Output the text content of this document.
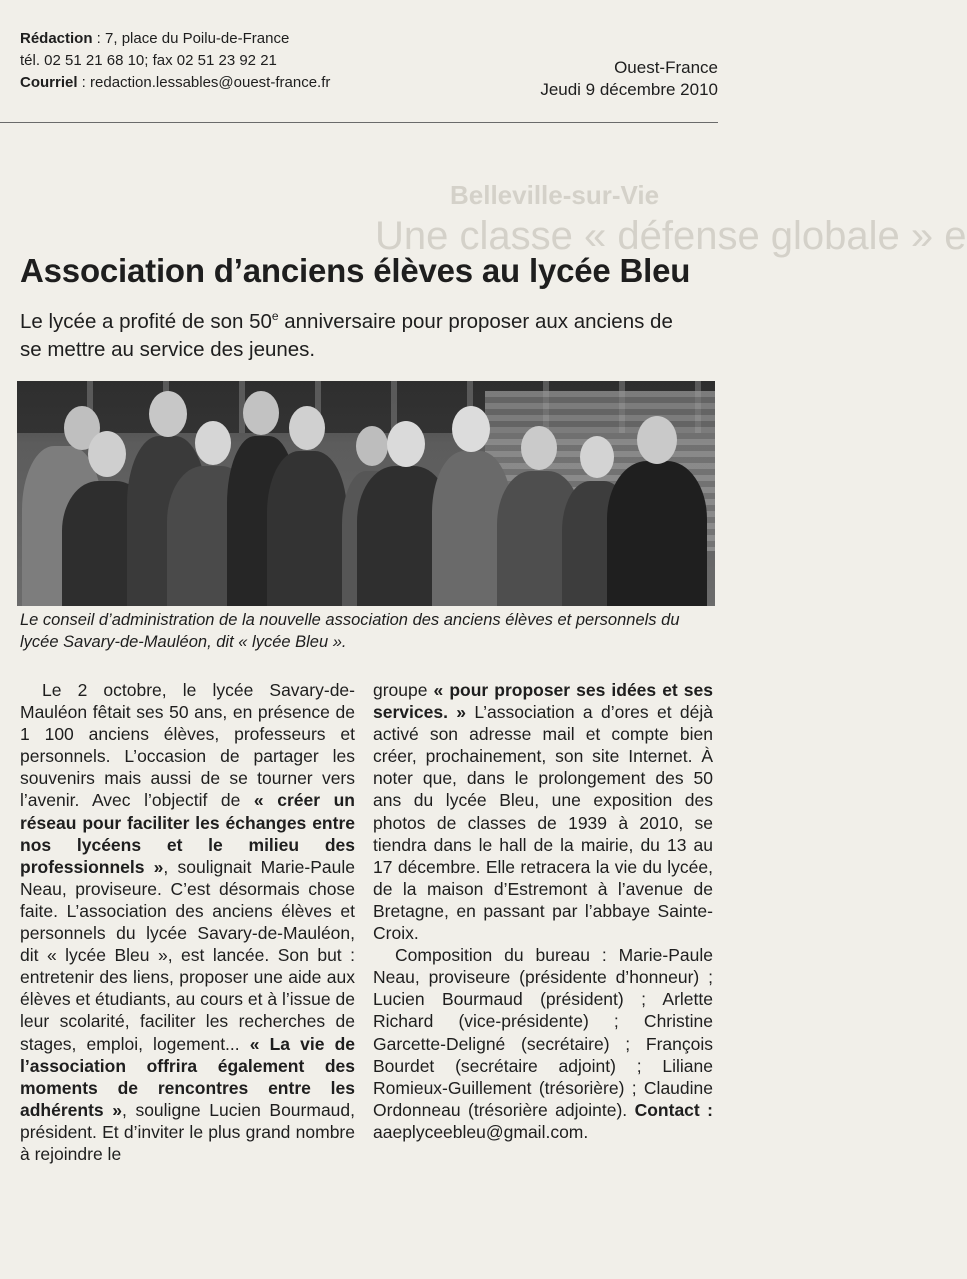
Belleville-sur-Vie
Une classe « défense globale » e
Rédaction : 7, place du Poilu-de-France
tél. 02 51 21 68 10; fax 02 51 23 92 21
Courriel : redaction.lessables@ouest-france.fr
Ouest-France
Jeudi 9 décembre 2010
Association d’anciens élèves au lycée Bleu

Le lycée a profité de son 50e anniversaire pour proposer aux anciens de se mettre au service des jeunes.

Le conseil d’administration de la nouvelle association des anciens élèves et personnels du lycée Savary-de-Mauléon, dit « lycée Bleu ».

Le 2 octobre, le lycée Savary-de-Mauléon fêtait ses 50 ans, en présence de 1 100 anciens élèves, professeurs et personnels. L’occasion de partager les souvenirs mais aussi de se tourner vers l’avenir. Avec l’objectif de « créer un réseau pour faciliter les échanges entre nos lycéens et le milieu des professionnels », soulignait Marie-Paule Neau, proviseure. C’est désormais chose faite. L’association des anciens élèves et personnels du lycée Savary-de-Mauléon, dit « lycée Bleu », est lancée. Son but : entretenir des liens, proposer une aide aux élèves et étudiants, au cours et à l’issue de leur scolarité, faciliter les recherches de stages, emploi, logement... « La vie de l’association offrira également des moments de rencontres entre les adhérents », souligne Lucien Bourmaud, président. Et d’inviter le plus grand nombre à rejoindre le

groupe « pour proposer ses idées et ses services. » L’association a d’ores et déjà activé son adresse mail et compte bien créer, prochainement, son site Internet. À noter que, dans le prolongement des 50 ans du lycée Bleu, une exposition des photos de classes de 1939 à 2010, se tiendra dans le hall de la mairie, du 13 au 17 décembre. Elle retracera la vie du lycée, de la maison d’Estremont à l’avenue de Bretagne, en passant par l’abbaye Sainte-Croix.

Composition du bureau : Marie-Paule Neau, proviseure (présidente d’honneur) ; Lucien Bourmaud (président) ; Arlette Richard (vice-présidente) ; Christine Garcette-Deligné (secrétaire) ; François Bourdet (secrétaire adjoint) ; Liliane Romieux-Guillement (trésorière) ; Claudine Ordonneau (trésorière adjointe). Contact : aaeplyceebleu@gmail.com.
